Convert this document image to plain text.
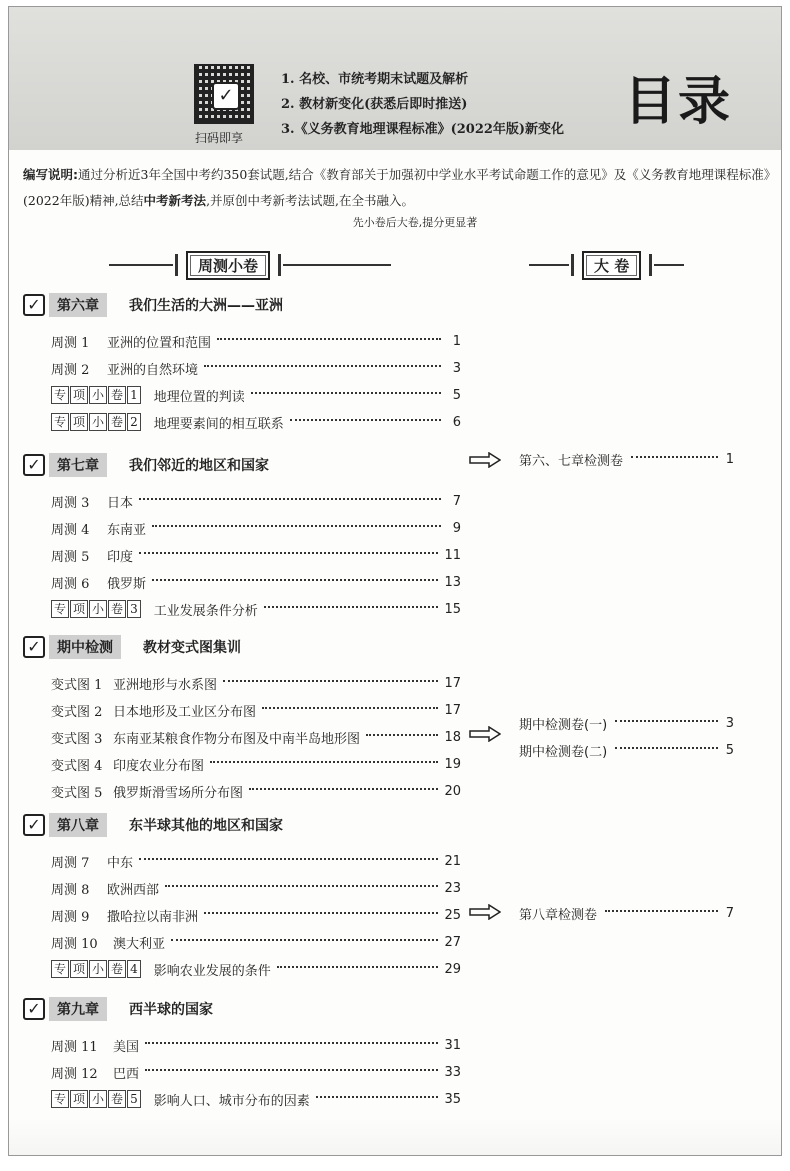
✓
扫码即享
1. 名校、市统考期末试题及解析
2. 教材新变化(获悉后即时推送)
3.《义务教育地理课程标准》(2022年版)新变化 目录
编写说明:通过分析近3年全国中考约350套试题,结合《教育部关于加强初中学业水平考试命题工作的意见》及《义务教育地理课程标准》(2022年版)精神,总结中考新考法,并原创中考新考法试题,在全书融入。
先小卷后大卷,提分更显著
周测小卷	大 卷
✓	第六章	我们生活的大洲——亚洲
周测 1	亚洲的位置和范围	1
周测 2	亚洲的自然环境	3
专 项 小 卷 1 地理位置的判读	5
专 项 小 卷 2 地理要素间的相互联系	6
✓	第七章	我们邻近的地区和国家
周测 3	日本	7
周测 4	东南亚	9
周测 5	印度	11
周测 6	俄罗斯	13
专 项 小 卷 3 工业发展条件分析	15
✓	期中检测	教材变式图集训
变式图 1 亚洲地形与水系图	17
变式图 2 日本地形及工业区分布图	17
变式图 3 东南亚某粮食作物分布图及中南半岛地形图	18
变式图 4 印度农业分布图	19
变式图 5 俄罗斯滑雪场所分布图	20
✓	第八章	东半球其他的地区和国家
周测 7	中东	21
周测 8	欧洲西部	23
周测 9	撒哈拉以南非洲	25
周测 10	澳大利亚	27
专 项 小 卷 4 影响农业发展的条件	29
✓	第九章	西半球的国家
周测 11	美国	31
周测 12	巴西	33
专 项 小 卷 5 影响人口、城市分布的因素	35
第六、七章检测卷	1
期中检测卷(一)	3
期中检测卷(二)	5
第八章检测卷	7
